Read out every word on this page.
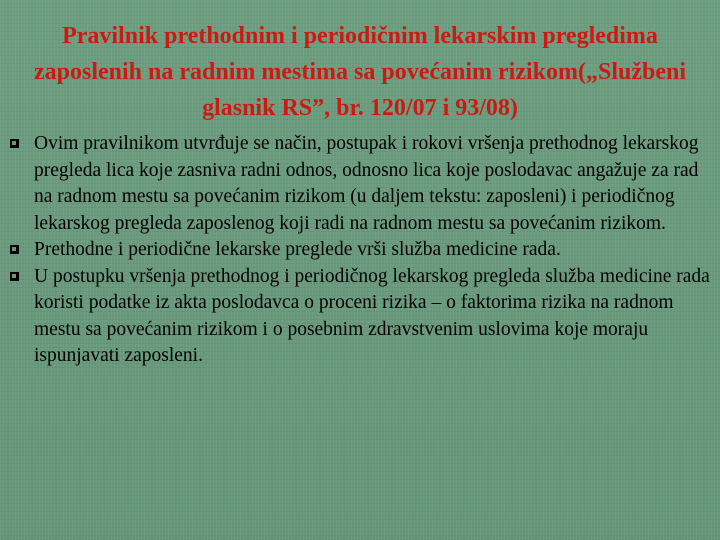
Pravilnik prethodnim i periodičnim lekarskim pregledima zaposlenih na radnim mestima sa povećanim rizikom(„Službeni glasnik RS”, br. 120/07 i 93/08)
Ovim pravilnikom utvrđuje se način, postupak i rokovi vršenja prethodnog lekarskog pregleda lica koje zasniva radni odnos, odnosno lica koje poslodavac angažuje za rad na radnom mestu sa povećanim rizikom (u daljem tekstu: zaposleni) i periodičnog lekarskog pregleda zaposlenog koji radi na radnom mestu sa povećanim rizikom.
Prethodne i periodične lekarske preglede vrši služba medicine rada.
U postupku vršenja prethodnog i periodičnog lekarskog pregleda služba medicine rada koristi podatke iz akta poslodavca o proceni rizika – o faktorima rizika na radnom mestu sa povećanim rizikom i o posebnim zdravstvenim uslovima koje moraju ispunjavati zaposleni.
